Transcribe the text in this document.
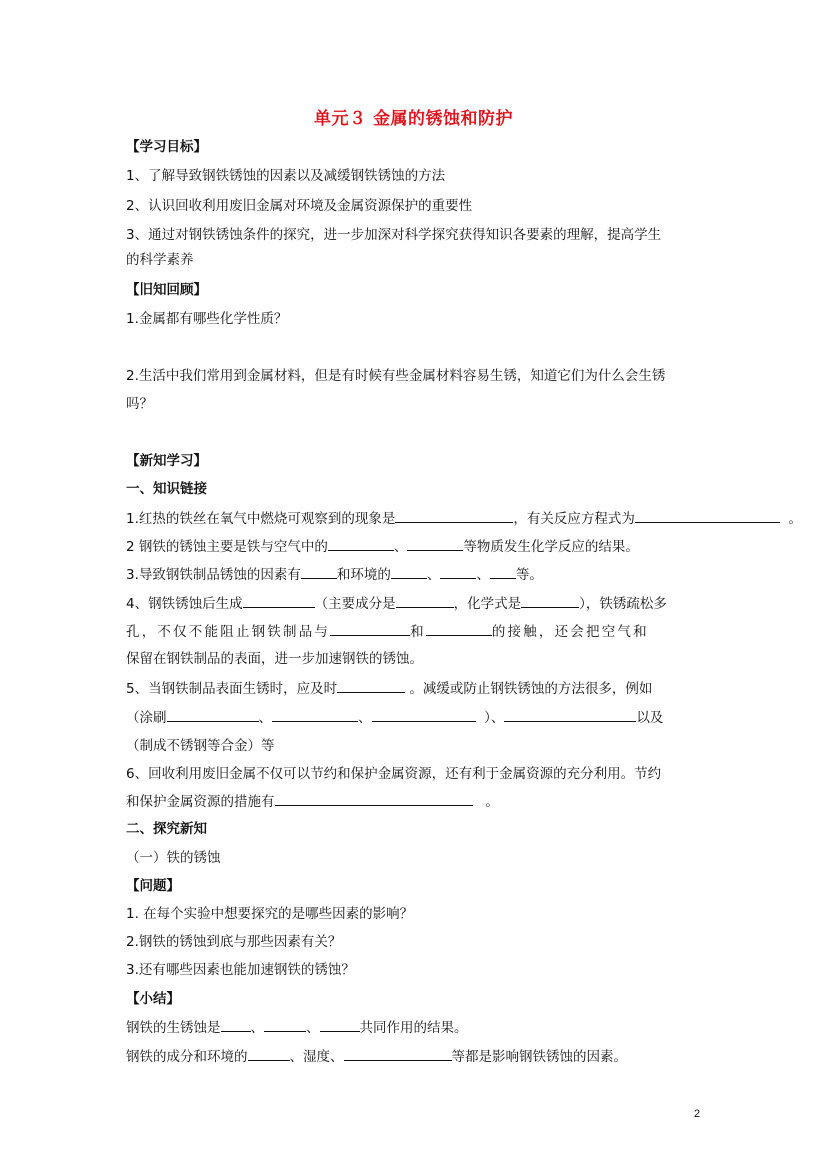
单元３ 金属的锈蚀和防护
【学习目标】
1、了解导致钢铁锈蚀的因素以及减缓钢铁锈蚀的方法
2、认识回收利用废旧金属对环境及金属资源保护的重要性
3、通过对钢铁锈蚀条件的探究，进一步加深对科学探究获得知识各要素的理解，提高学生
的科学素养
【旧知回顾】
1.金属都有哪些化学性质？
2.生活中我们常用到金属材料，但是有时候有些金属材料容易生锈，知道它们为什么会生锈
吗？
【新知学习】
一、知识链接
1.红热的铁丝在氧气中燃烧可观察到的现象是	，有关反应方程式为	。
2 钢铁的锈蚀主要是铁与空气中的	、	等物质发生化学反应的结果。
3.导致钢铁制品锈蚀的因素有	和环境的	、	、 等。
4、钢铁锈蚀后生成	（主要成分是	，化学式是	），铁锈疏松多
孔，不仅不能阻止钢铁制品与	和	的接触，还会把空气和
保留在钢铁制品的表面，进一步加速钢铁的锈蚀。
5、当钢铁制品表面生锈时，应及时	。减缓或防止钢铁锈蚀的方法很多，例如
（涂刷	、	、	）、	以及
（制成不锈钢等合金）等
6、回收利用废旧金属不仅可以节约和保护金属资源，还有利于金属资源的充分利用。节约
和保护金属资源的措施有	。
二、探究新知
（一）铁的锈蚀
【问题】
1. 在每个实验中想要探究的是哪些因素的影响？
2.钢铁的锈蚀到底与那些因素有关？
3.还有哪些因素也能加速钢铁的锈蚀？
【小结】
钢铁的生锈蚀是 、	、	共同作用的结果。
钢铁的成分和环境的	、湿度、	等都是影响钢铁锈蚀的因素。
2
